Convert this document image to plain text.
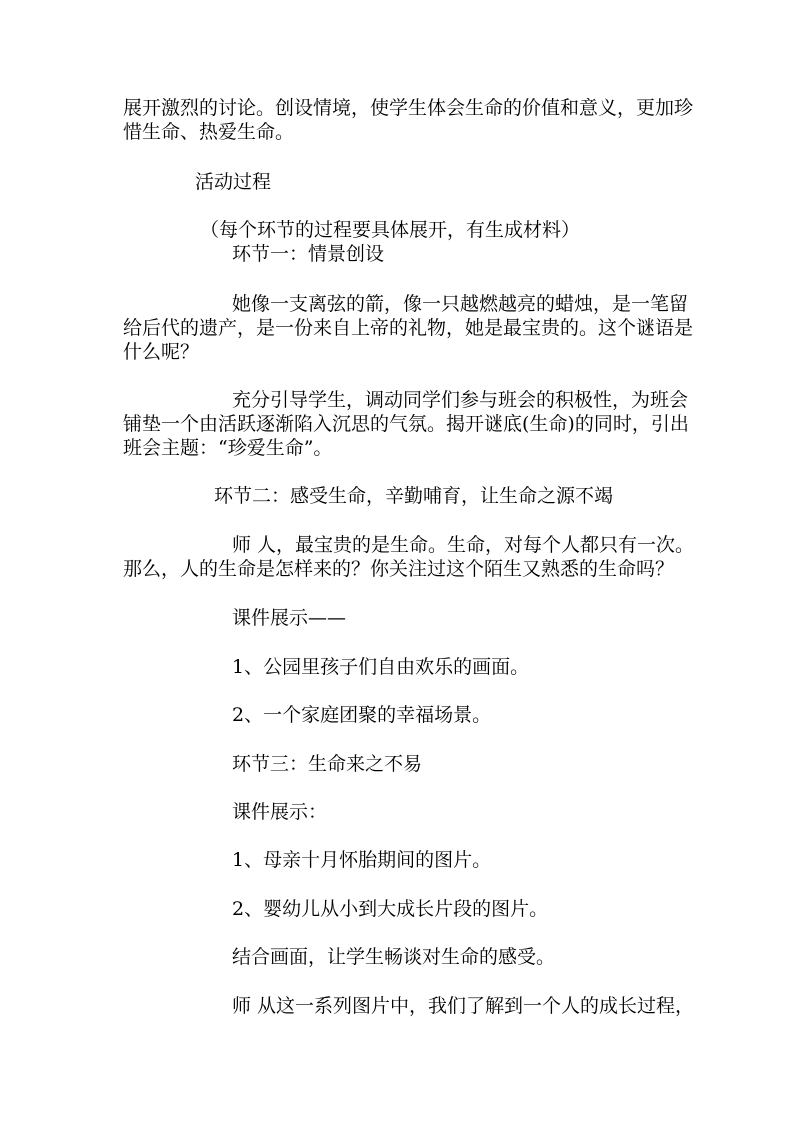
展开激烈的讨论。创设情境，使学生体会生命的价值和意义，更加珍
惜生命、热爱生命。
活动过程
（每个环节的过程要具体展开，有生成材料）
环节一：情景创设
她像一支离弦的箭，像一只越燃越亮的蜡烛，是一笔留
给后代的遗产，是一份来自上帝的礼物，她是最宝贵的。这个谜语是
什么呢？
充分引导学生，调动同学们参与班会的积极性，为班会
铺垫一个由活跃逐渐陷入沉思的气氛。揭开谜底(生命)的同时，引出
班会主题：“珍爱生命”。
环节二：感受生命，辛勤哺育，让生命之源不竭
师 人，最宝贵的是生命。生命，对每个人都只有一次。
那么，人的生命是怎样来的？你关注过这个陌生又熟悉的生命吗？
课件展示——
1、公园里孩子们自由欢乐的画面。
2、一个家庭团聚的幸福场景。
环节三：生命来之不易
课件展示：
1、母亲十月怀胎期间的图片。
2、婴幼儿从小到大成长片段的图片。
结合画面，让学生畅谈对生命的感受。
师 从这一系列图片中，我们了解到一个人的成长过程，
